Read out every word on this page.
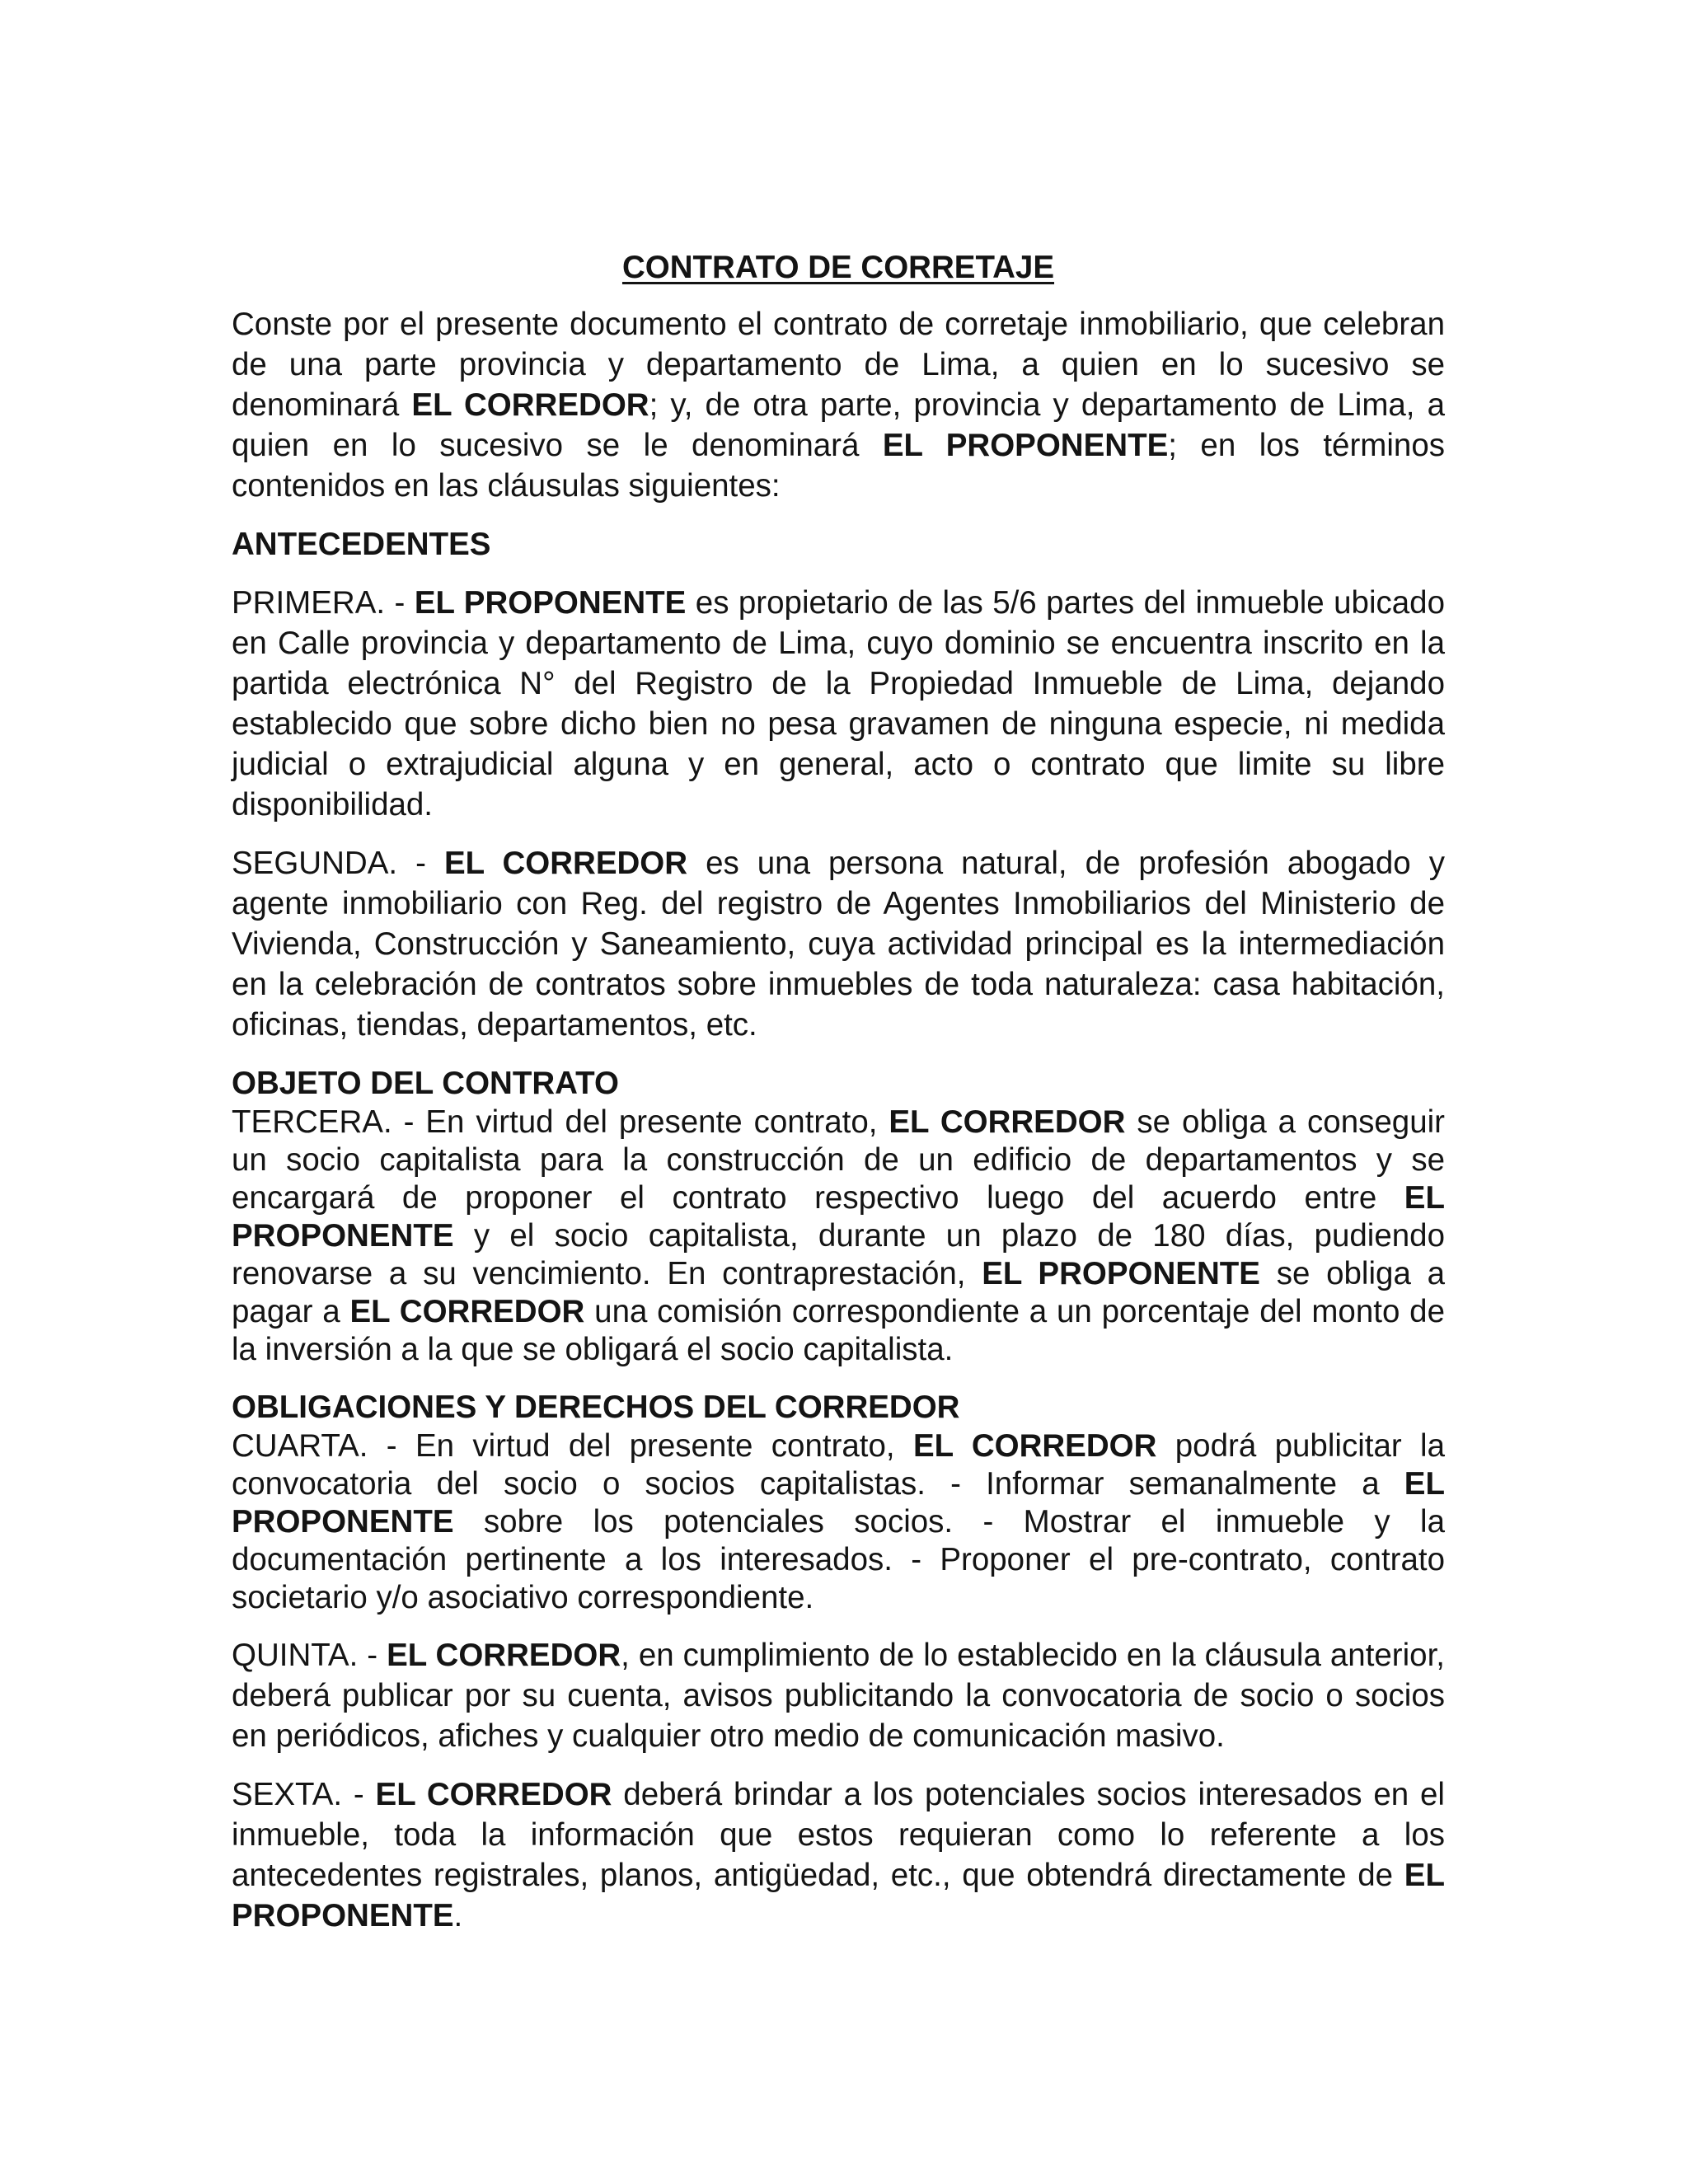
CONTRATO DE CORRETAJE

Conste por el presente documento el contrato de corretaje inmobiliario, que celebran de una parte provincia y departamento de Lima, a quien en lo sucesivo se denominará EL CORREDOR; y, de otra parte, provincia y departamento de Lima, a quien en lo sucesivo se le denominará EL PROPONENTE; en los términos contenidos en las cláusulas siguientes:

ANTECEDENTES

PRIMERA. - EL PROPONENTE es propietario de las 5/6 partes del inmueble ubicado en Calle provincia y departamento de Lima, cuyo dominio se encuentra inscrito en la partida electrónica N° del Registro de la Propiedad Inmueble de Lima, dejando establecido que sobre dicho bien no pesa gravamen de ninguna especie, ni medida judicial o extrajudicial alguna y en general, acto o contrato que limite su libre disponibilidad.

SEGUNDA. - EL CORREDOR es una persona natural, de profesión abogado y agente inmobiliario con Reg. del registro de Agentes Inmobiliarios del Ministerio de Vivienda, Construcción y Saneamiento, cuya actividad principal es la intermediación en la celebración de contratos sobre inmuebles de toda naturaleza: casa habitación, oficinas, tiendas, departamentos, etc.

OBJETO DEL CONTRATO

TERCERA. - En virtud del presente contrato, EL CORREDOR se obliga a conseguir un socio capitalista para la construcción de un edificio de departamentos y se encargará de proponer el contrato respectivo luego del acuerdo entre EL PROPONENTE y el socio capitalista, durante un plazo de 180 días, pudiendo renovarse a su vencimiento. En contraprestación, EL PROPONENTE se obliga a pagar a EL CORREDOR una comisión correspondiente a un porcentaje del monto de la inversión a la que se obligará el socio capitalista.

OBLIGACIONES Y DERECHOS DEL CORREDOR

CUARTA. - En virtud del presente contrato, EL CORREDOR podrá publicitar la convocatoria del socio o socios capitalistas. - Informar semanalmente a EL PROPONENTE sobre los potenciales socios. - Mostrar el inmueble y la documentación pertinente a los interesados. - Proponer el pre-contrato, contrato societario y/o asociativo correspondiente.

QUINTA. - EL CORREDOR, en cumplimiento de lo establecido en la cláusula anterior, deberá publicar por su cuenta, avisos publicitando la convocatoria de socio o socios en periódicos, afiches y cualquier otro medio de comunicación masivo.

SEXTA. - EL CORREDOR deberá brindar a los potenciales socios interesados en el inmueble, toda la información que estos requieran como lo referente a los antecedentes registrales, planos, antigüedad, etc., que obtendrá directamente de EL PROPONENTE.
